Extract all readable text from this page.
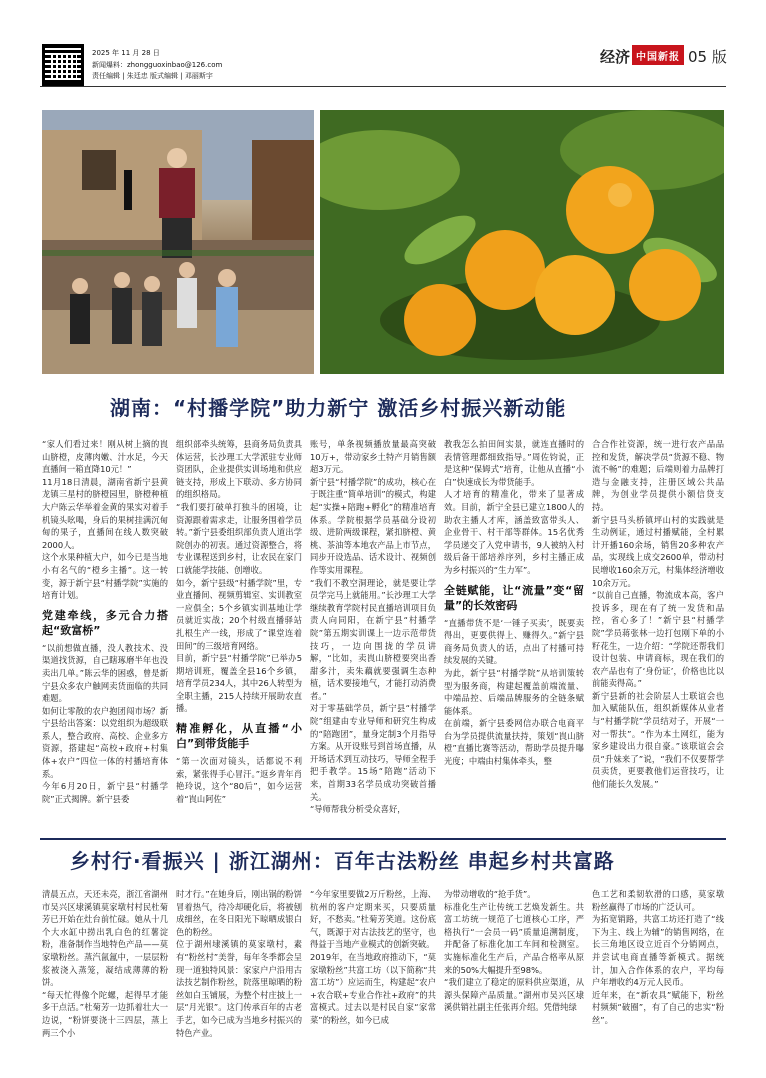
2025 年 11 月 28 日
新闻爆料：zhongguoxinbao@126.com
责任编辑 | 朱廷忠 版式编辑 | 邓丽斯宇
经济 中国新报 05 版
湖南：“村播学院”助力新宁 激活乡村振兴新动能
“家人们看过来！刚从树上摘的崀山脐橙，皮薄肉嫩、汁水足，今天直播间一箱直降10元！”
11月18日清晨，湖南省新宁县黄龙镇三星村的脐橙园里，脐橙种植大户陈云华举着金黄的果实对着手机镜头吆喝，身后的果树挂满沉甸甸的果子，直播间在线人数突破2000人。
这个水果种植大户，如今已是当地小有名气的“橙乡主播”。这一转变，源于新宁县“村播学院”实施的培育计划。
党建牵线，多元合力搭起“致富桥”
“以前想做直播，没人教技术、没渠道找货源，自己瞎琢磨半年也没卖出几单。”陈云华的困惑，曾是新宁县众多农户触网卖货面临的共同难题。
如何让零散的农户抱团闯市场？新宁县给出答案：以党组织为超级联系人，整合政府、高校、企业多方资源，搭建起“高校+政府+村集体+农户”四位一体的村播培育体系。
今年6月20日，新宁县“村播学院”正式揭牌。新宁县委
组织部牵头统筹，县商务局负责具体运营，长沙理工大学派驻专业师资团队，企业提供实训场地和供应链支持，形成上下联动、多方协同的组织格局。
“我们要打破单打独斗的困境，让资源跟着需求走，让服务围着学员转。”新宁县委组织部负责人道出学院创办的初衷。通过资源整合，将专业课程送到乡村，让农民在家门口就能学技能、创增收。
如今，新宁县级“村播学院”里，专业直播间、视频剪辑室、实训教室一应俱全；5个乡镇实训基地让学员就近实战；20个村级直播驿站扎根生产一线，形成了“课堂连着田间”的三级培育网络。
目前，新宁县“村播学院”已举办5期培训班，覆盖全县16个乡镇，培育学员234人，其中26人转型为全职主播，215人持续开展助农直播。
精准孵化，从直播“小白”到带货能手
“第一次面对镜头，话都说不利索，紧张得手心冒汗。”返乡青年肖艳玲说，这个“80后”，如今运营着“崀山阿佐”
账号，单条视频播放量最高突破10万+，带动家乡土特产月销售额超3万元。
新宁县“村播学院”的成功，核心在于既注重“简单培训”的模式，构建起“实操+陪跑+孵化”的精准培育体系。学院根据学员基础分设初级、进阶两级课程，紧扣脐橙、黄桃、茶油等本地农产品上市节点，同步开设选品、话术设计、视频创作等实用课程。
“我们不教空洞理论，就是要让学员学完马上就能用。”长沙理工大学继续教育学院村民直播培训项目负责人向同阳，在新宁县“村播学院”第五期实训课上一边示范带货技巧，一边向围拢的学员讲解，“比如，卖崀山脐橙要突出香甜多汁，卖朱藕就要强调生态种植，话术要接地气，才能打动消费者。”
对于零基础学员，新宁县“村播学院”组建由专业导师和研究生构成的“陪跑团”，量身定制3个月指导方案。从开设账号到首场直播，从开场话术到互动技巧，导师全程手把手教学。15场“陪跑”活动下来，首期33名学员成功突破首播关。
“导师帮我分析受众喜好，
教我怎么拍田间实景，就连直播时的表情管理都细致指导。”周佐钧说，正是这种“保姆式”培育，让他从直播“小白”快速成长为带货能手。
人才培育的精准化，带来了显著成效。目前，新宁全县已建立1800人的助农主播人才库，涵盖致富带头人、企业骨干、村干部等群体。15名优秀学员递交了入党申请书，9人被纳入村级后备干部培养序列，乡村主播正成为乡村振兴的“生力军”。
全链赋能，让“流量”变“留量”的长效密码
“直播带货不是‘一锤子买卖’，既要卖得出，更要供得上、赚得久。”新宁县商务局负责人的话，点出了村播可持续发展的关键。
为此，新宁县“村播学院”从培训策转型为服务商，构建起覆盖前端流量、中端品控、后端品牌服务的全链条赋能体系。
在前端，新宁县委网信办联合电商平台为学员提供流量扶持，策划“崀山脐橙”直播比赛等活动，帮助学员提升曝光度；中端由村集体牵头，整
合合作社资源，统一进行农产品品控和发货，解决学员“货源不稳、物流不畅”的难题；后端则着力品牌打造与金融支持，注册区域公共品牌，为创业学员提供小额信贷支持。
新宁县马头桥镇坪山村的实践就是生动例证，通过村播赋能，全村累计开播160余场，销售20多种农产品，实现线上成交2600单，带动村民增收160余万元，村集体经济增收10余万元。
“以前自己直播，物流成本高，客户投诉多，现在有了统一发货和品控，省心多了！”新宁县“村播学院”学员蒋张林一边打包刚下单的小籽花生，一边介绍：“学院还帮我们设计包装、申请商标，现在我们的农产品也有了‘身份证’，价格也比以前能卖得高。”
新宁县新的社会阶层人士联谊会也加入赋能队伍，组织新媒体从业者与“村播学院”学员结对子，开展“一对一帮扶”。“作为本土网红，能为家乡建设出力很自豪。”该联谊会会员“升妹来了”说，“我们不仅要帮学员卖货，更要教他们运营技巧，让他们能长久发展。”
乡村行·看振兴 | 浙江湖州：百年古法粉丝 串起乡村共富路
清晨五点，天还未亮，浙江省湖州市吴兴区埭溪镇莫家墩村村民杜菊芳已开始在灶台前忙碌。她从十几个大水缸中捞出乳白色的红薯淀粉，准备制作当地特色产品——莫家墩粉丝。蒸汽氤氲中，一层层粉浆被浇入蒸笼，凝结成薄薄的粉饼。
“每天忙得像个陀螺，起得早才能多干点活。”杜菊芳一边抓着壮大一边说，“粉饼要浇十三四层，蒸上两三个小
时才行。”在她身后，刚出锅的粉饼冒着热气，待冷却硬化后，将被刨成细丝，在冬日阳光下晾晒成银白色的粉丝。
位于湖州埭溪镇的莫家墩村，素有“粉丝村”美誉，每年冬季都会呈现一道独特风景：家家户户沿用古法技艺制作粉丝，院落里晾晒的粉丝如白玉铺展，为整个村庄披上一层“月光银”。这门传承百年的古老手艺，如今已成为当地乡村振兴的特色产业。
“今年家里要做2万斤粉丝，上海、杭州的客户定期来买，只要质量好，不愁卖。”杜菊芳笑道。这份底气，既源于对古法技艺的坚守，也得益于当地产业模式的创新突破。
2019年，在当地政府推动下，“莫家墩粉丝”共富工坊（以下简称“共富工坊”）应运而生，构建起“农户+农合联+专业合作社+政府”的共富模式。过去以是村民自家“家常菜”的粉丝，如今已成
为带动增收的“抢手货”。
标准化生产让传统工艺焕发新生。共富工坊统一规范了七道核心工序，严格执行“一会员一码”质量追溯制度，并配备了标准化加工车间和检测室。实施标准化生产后，产品合格率从原来的50%大幅提升至98%。
“我们建立了稳定的原料供应渠道，从源头保障产品质量。”湖州市吴兴区埭溪供销社副主任张再介绍。凭借纯绿
色工艺和柔韧软滑的口感，莫家墩粉丝赢得了市场的广泛认可。
为拓宽销路，共富工坊还打造了“线下为主、线上为辅”的销售网络，在长三角地区设立近百个分销网点，并尝试电商直播等新模式。据统计，加入合作体系的农户，平均每户年增收约4万元人民币。
近年来，在“新农具”赋能下，粉丝村频频“破圈”，有了自己的忠实“粉丝”。
